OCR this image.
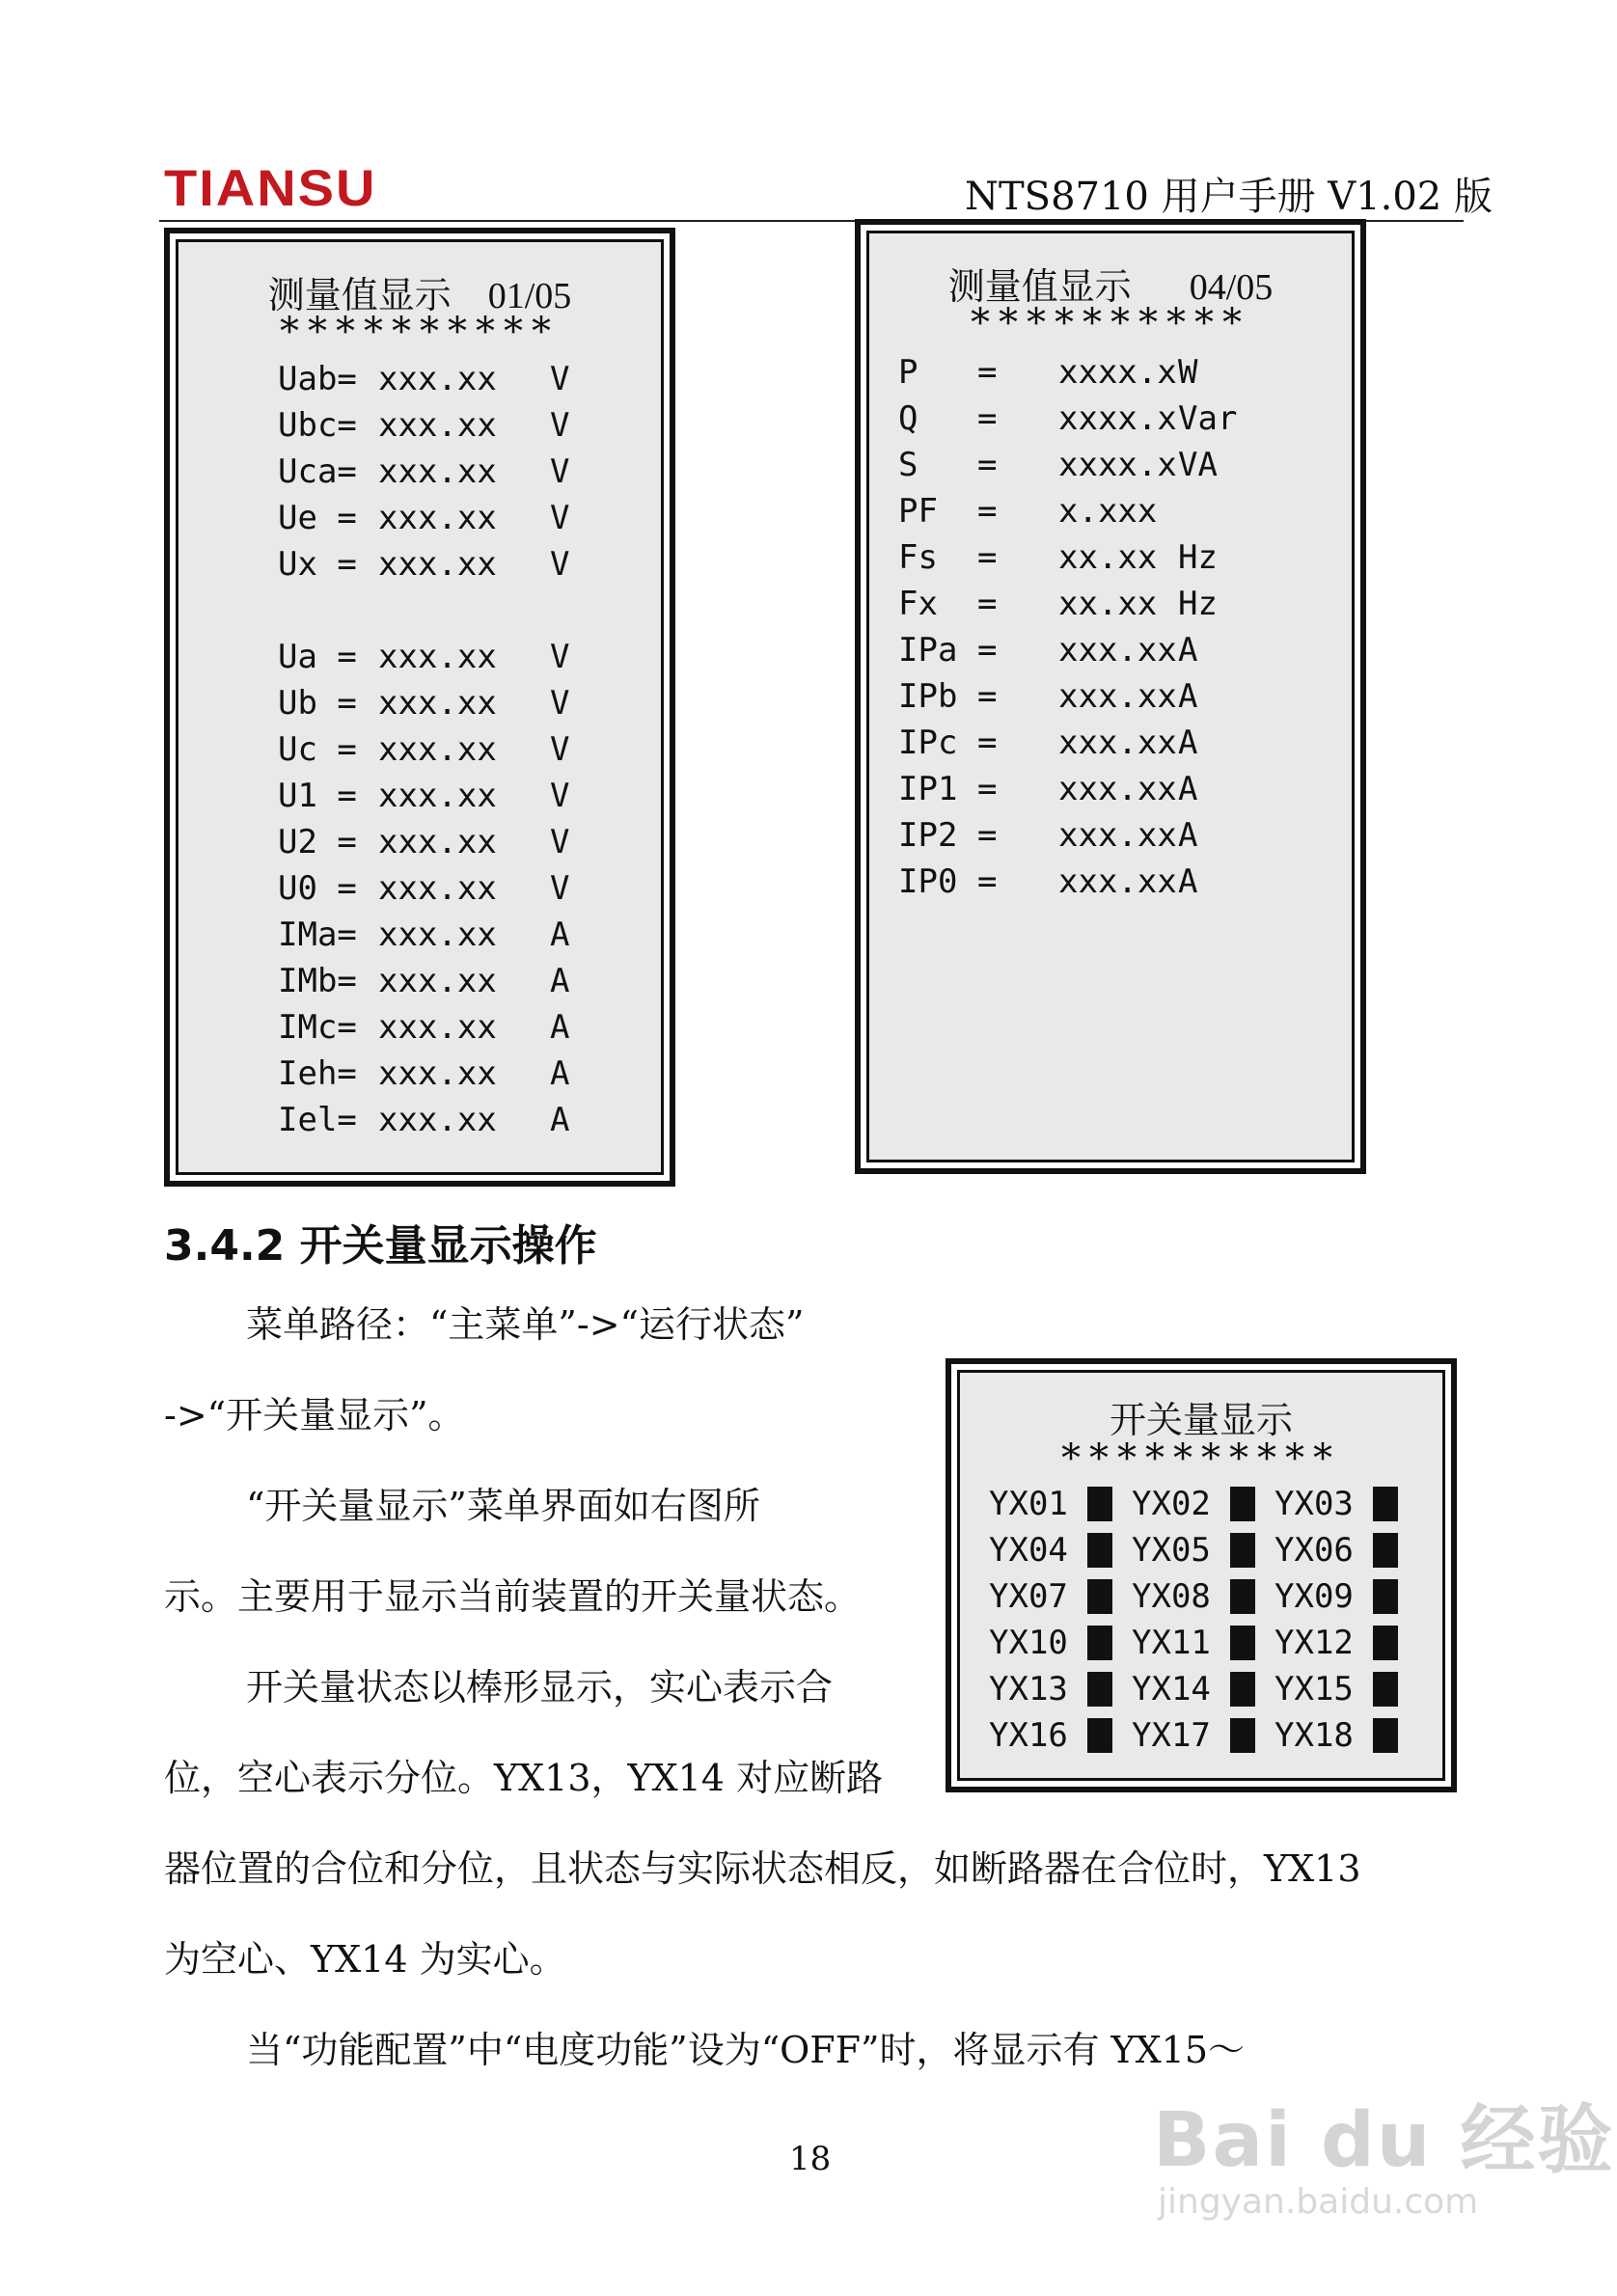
TIANSU	NTS8710 用户手册 V1.02 版
测量值显示 01/05
**********
Uab= xxx.xx	V
Ubc= xxx.xx	V
Uca= xxx.xx	V
Ue = xxx.xx	V
Ux = xxx.xx	V
Ua = xxx.xx	V
Ub = xxx.xx	V
Uc = xxx.xx	V
U1 = xxx.xx	V
U2 = xxx.xx	V
U0 = xxx.xx	V
IMa= xxx.xx	A
IMb= xxx.xx	A
IMc= xxx.xx	A
Ieh= xxx.xx	A
Iel= xxx.xx	A
测量值显示 04/05
**********
P	=	xxxx.x W
Q	=	xxxx.x Var
S	=	xxxx.x VA
PF	=	x.xxx
Fs	=	xx.xx Hz
Fx	=	xx.xx Hz
IPa =	xxx.xx A
IPb =	xxx.xx A
IPc =	xxx.xx A
IP1 =	xxx.xx A
IP2 =	xxx.xx A
IP0 =	xxx.xx A
3.4.2 开关量显示操作
菜单路径：“主菜单”->“运行状态”
->“开关量显示”。
“开关量显示”菜单界面如右图所
示。主要用于显示当前装置的开关量状态。
开关量状态以棒形显示，实心表示合
位，空心表示分位。YX13，YX14 对应断路
器位置的合位和分位，且状态与实际状态相反，如断路器在合位时，YX13
为空心、YX14 为实心。
当“功能配置”中“电度功能”设为“OFF”时，将显示有 YX15～
开关量显示
**********
YX01	YX02	YX03
YX04	YX05	YX06
YX07	YX08	YX09
YX10	YX11	YX12
YX13	YX14	YX15
YX16	YX17	YX18
18	Bai du 经验
jingyan.baidu.com
